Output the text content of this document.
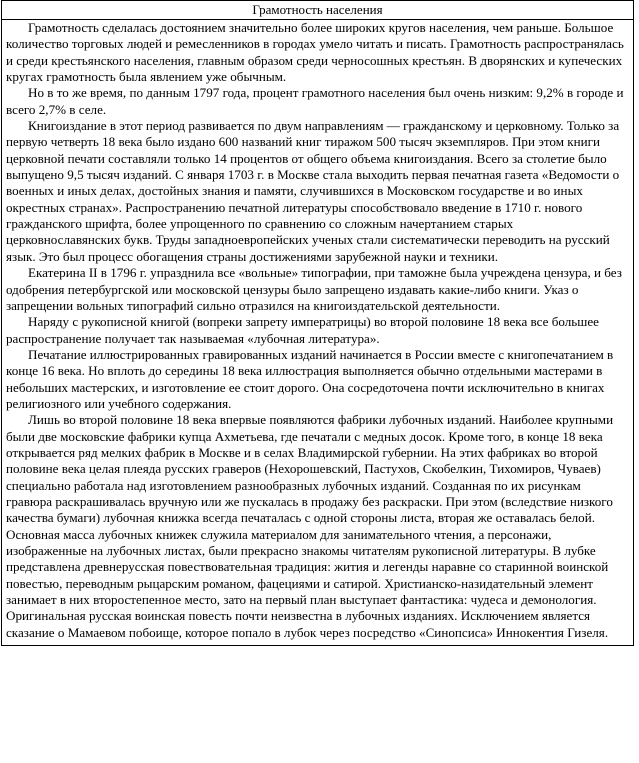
Грамотность населения

Грамотность сделалась достоянием значительно более широких кругов населения, чем раньше. Большое количество торговых людей и ремесленников в городах умело читать и писать. Грамотность распространялась и среди крестьянского населения, главным образом среди черносошных крестьян. В дворянских и купеческих кругах грамотность была явлением уже обычным.

Но в то же время, по данным 1797 года, процент грамотного населения был очень низким: 9,2% в городе и всего 2,7% в селе.

Книгоиздание в этот период развивается по двум направлениям — гражданскому и церковному. Только за первую четверть 18 века было издано 600 названий книг тиражом 500 тысяч экземпляров. При этом книги церковной печати составляли только 14 процентов от общего объема книгоиздания. Всего за столетие было выпущено 9,5 тысяч изданий. С января 1703 г. в Москве стала выходить первая печатная газета «Ведомости о военных и иных делах, достойных знания и памяти, случившихся в Московском государстве и во иных окрестных странах». Распространению печатной литературы способствовало введение в 1710 г. нового гражданского шрифта, более упрощенного по сравнению со сложным начертанием старых церковнославянских букв. Труды западноевропейских ученых стали систематически переводить на русский язык. Это был процесс обогащения страны достижениями зарубежной науки и техники.

Екатерина II в 1796 г. упразднила все «вольные» типографии, при таможне была учреждена цензура, и без одобрения петербургской или московской цензуры было запрещено издавать какие-либо книги. Указ о запрещении вольных типографий сильно отразился на книгоиздательской деятельности.

Наряду с рукописной книгой (вопреки запрету императрицы) во второй половине 18 века все большее распространение получает так называемая «лубочная литература».

Печатание иллюстрированных гравированных изданий начинается в России вместе с книгопечатанием в конце 16 века. Но вплоть до середины 18 века иллюстрация выполняется обычно отдельными мастерами в небольших мастерских, и изготовление ее стоит дорого. Она сосредоточена почти исключительно в книгах религиозного или учебного содержания.

Лишь во второй половине 18 века впервые появляются фабрики лубочных изданий. Наиболее крупными были две московские фабрики купца Ахметьева, где печатали с медных досок. Кроме того, в конце 18 века открывается ряд мелких фабрик в Москве и в селах Владимирской губернии. На этих фабриках во второй половине века целая плеяда русских граверов (Нехорошевский, Пастухов, Скобелкин, Тихомиров, Чуваев) специально работала над изготовлением разнообразных лубочных изданий. Созданная по их рисункам гравюра раскрашивалась вручную или же пускалась в продажу без раскраски. При этом (вследствие низкого качества бумаги) лубочная книжка всегда печаталась с одной стороны листа, вторая же оставалась белой. Основная масса лубочных книжек служила материалом для занимательного чтения, а персонажи, изображенные на лубочных листах, были прекрасно знакомы читателям рукописной литературы. В лубке представлена древнерусская повествовательная традиция: жития и легенды наравне со старинной воинской повестью, переводным рыцарским романом, фацециями и сатирой. Христианско-назидательный элемент занимает в них второстепенное место, зато на первый план выступает фантастика: чудеса и демонология. Оригинальная русская воинская повесть почти неизвестна в лубочных изданиях. Исключением является сказание о Мамаевом побоище, которое попало в лубок через посредство «Синопсиса» Иннокентия Гизеля.
